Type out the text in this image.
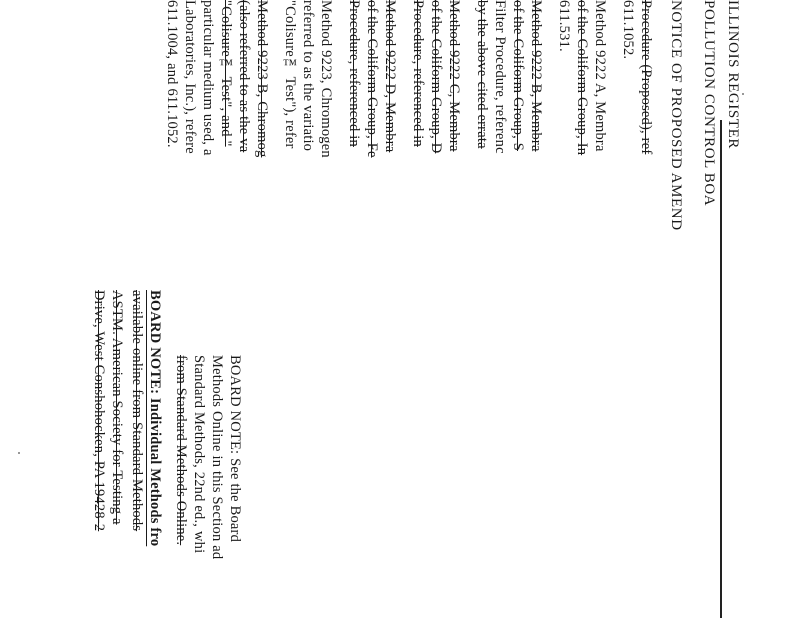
ILLINOIS REGISTER
POLLUTION CONTROL BOA
NOTICE OF PROPOSED AMEND
Procedure (Proposed), ref
611.1052.
Method 9222 A, Membra
of the Coliform Group, In
611.531.
Method 9222 B, Membra
of the Coliform Group, S
Filter Procedure, referenc
by the above-cited errata
Method 9222 C, Membra
of the Coliform Group, D
Procedure, referenced in
Method 9222 D, Membra
of the Coliform Group, Fe
Procedure, referenced in
Method 9223, Chromogen
referred to as the variatio
"Colisure™ Test"), refer
Method 9223 B, Chromog
(also referred to as the va
"Colisure™ Test", and "
particular medium used, a
Laboratories, Inc.), refere
611.1004, and 611.1052.
BOARD NOTE: See the Board
Methods Online in this Section ad
Standard Methods, 22nd ed., whi
from Standard Methods Online.
BOARD NOTE: Individual Methods fro
available online from Standard Methods
ASTM. American Society for Testing a
Drive, West Conshohocken, PA 19428-2
